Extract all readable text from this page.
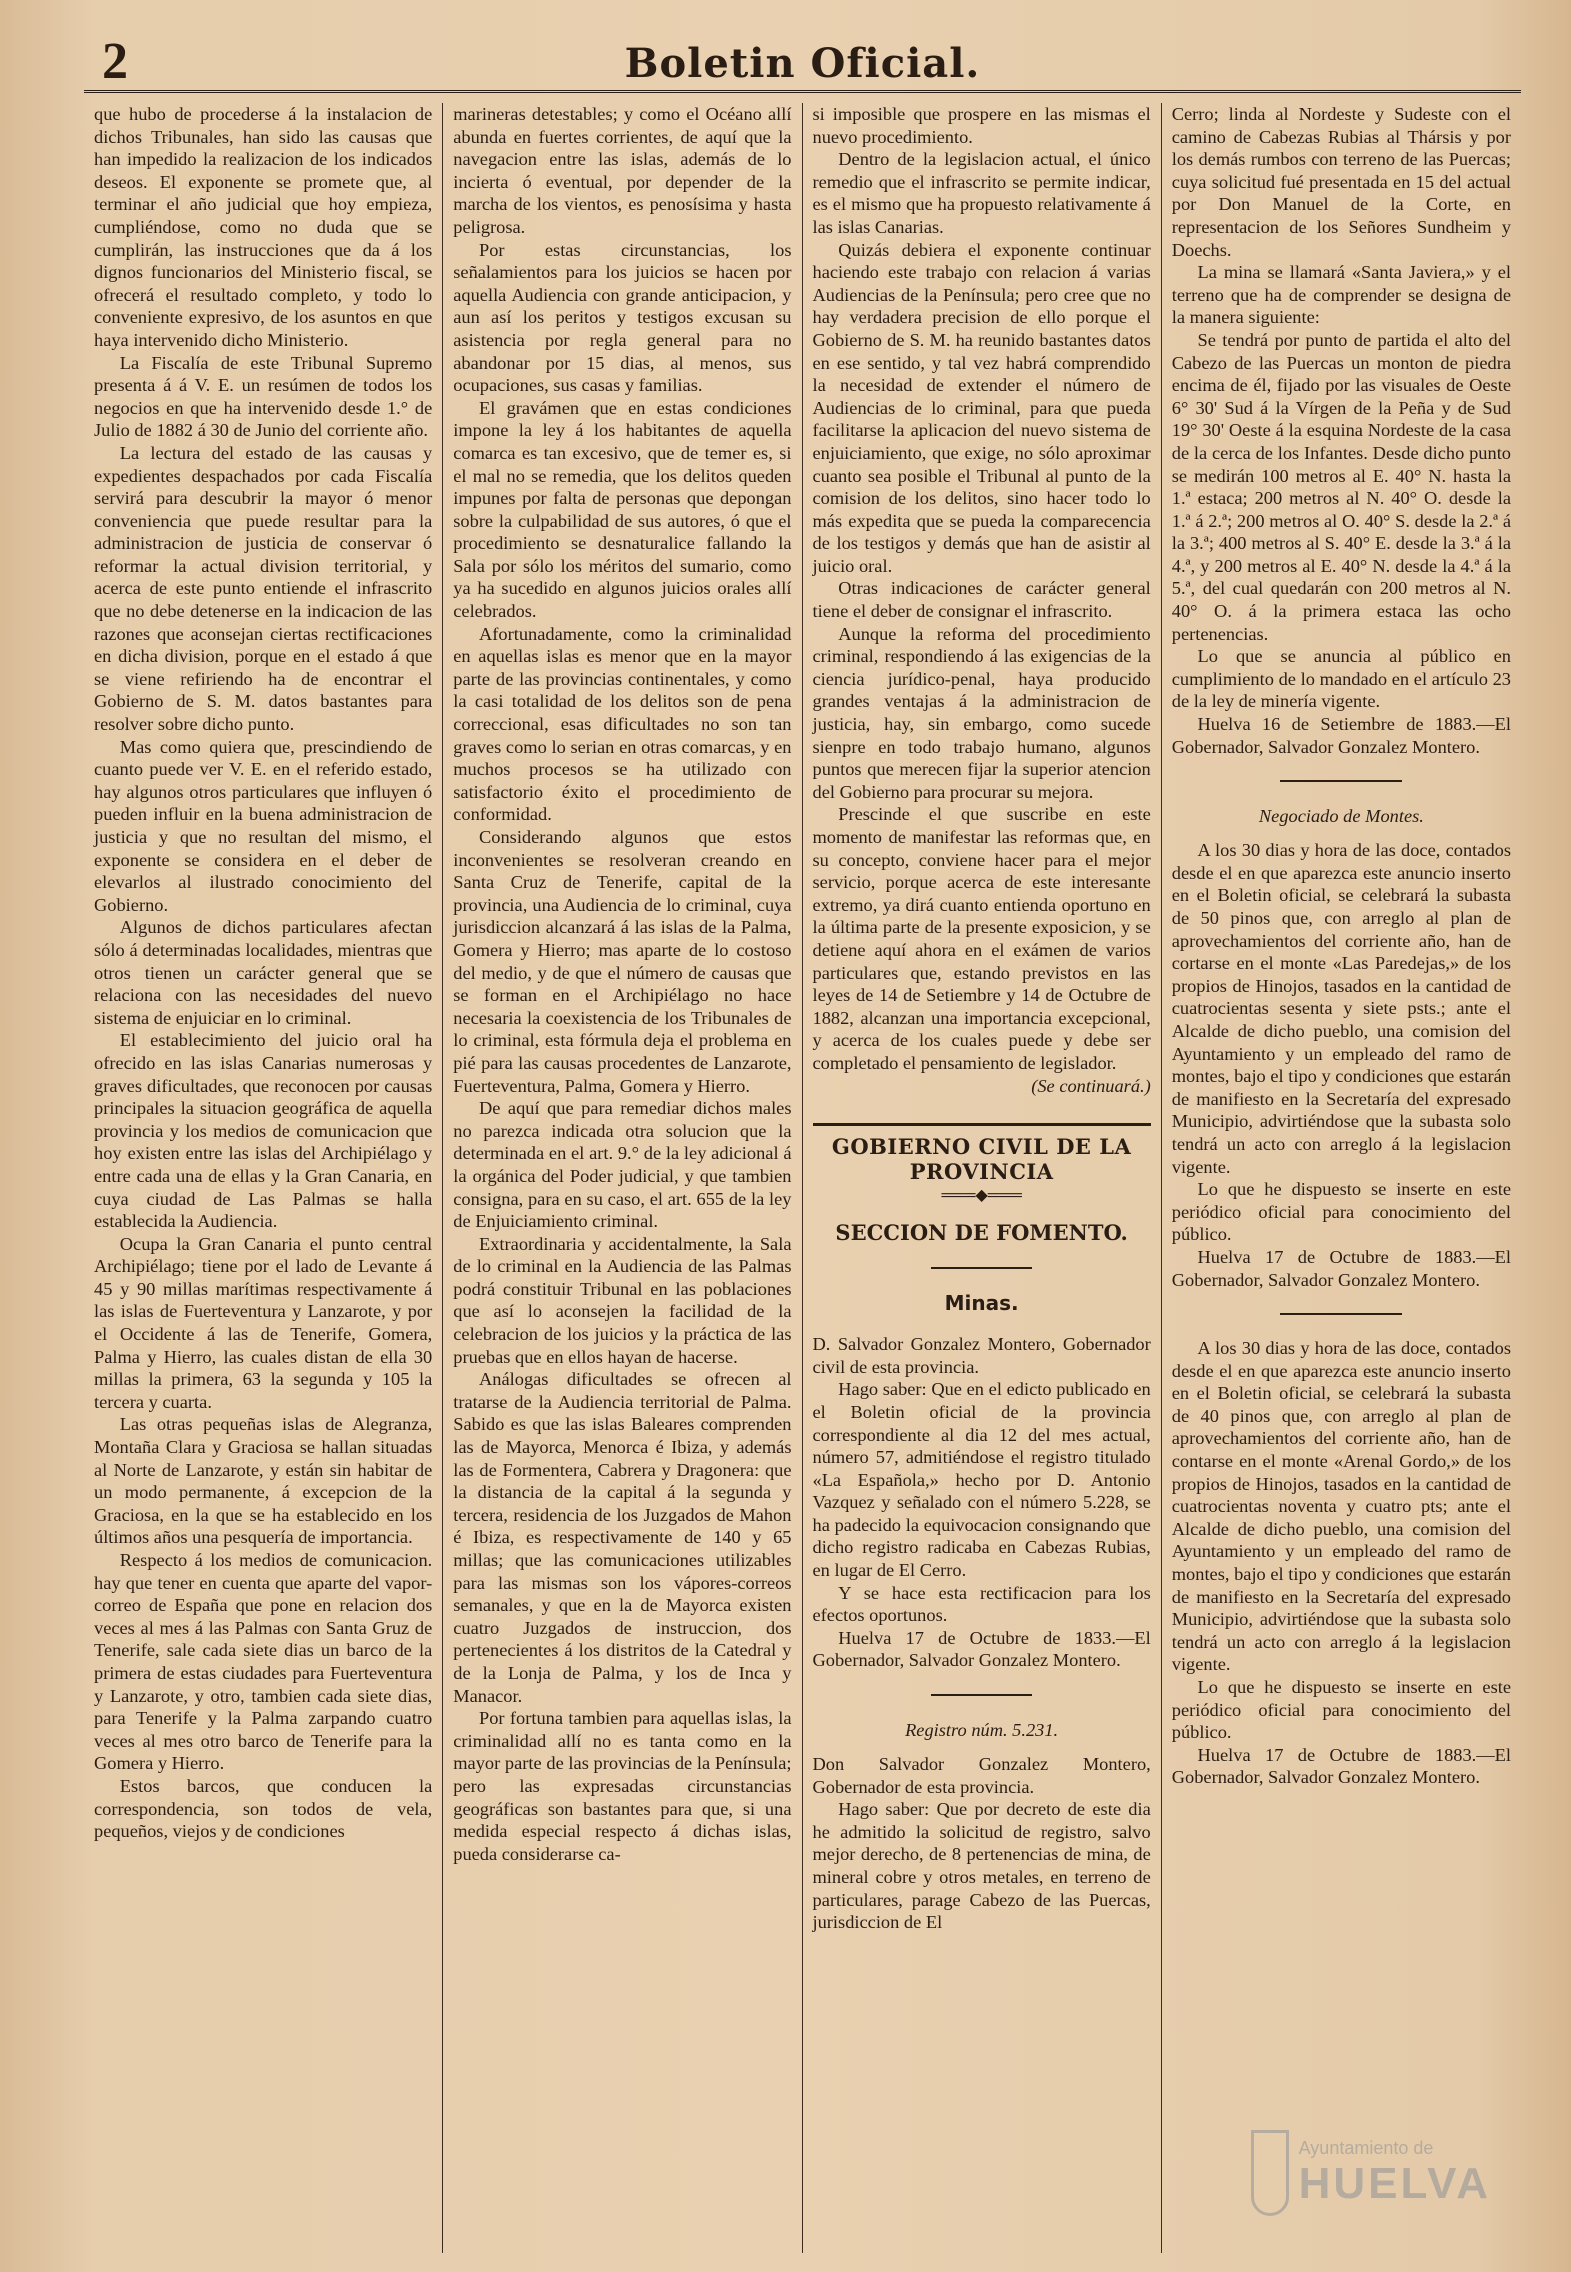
2	Boletin Oficial.

que hubo de procederse á la instalacion de dichos Tribunales, han sido las causas que han impedido la realizacion de los indicados deseos. El exponente se promete que, al terminar el año judicial que hoy empieza, cumpliéndose, como no duda que se cumplirán, las instrucciones que da á los dignos funcionarios del Ministerio fiscal, se ofrecerá el resultado completo, y todo lo conveniente expresivo, de los asuntos en que haya intervenido dicho Ministerio.

La Fiscalía de este Tribunal Supremo presenta á á V. E. un resúmen de todos los negocios en que ha intervenido desde 1.° de Julio de 1882 á 30 de Junio del corriente año.

La lectura del estado de las causas y expedientes despachados por cada Fiscalía servirá para descubrir la mayor ó menor conveniencia que puede resultar para la administracion de justicia de conservar ó reformar la actual division territorial, y acerca de este punto entiende el infrascrito que no debe detenerse en la indicacion de las razones que aconsejan ciertas rectificaciones en dicha division, porque en el estado á que se viene refiriendo ha de encontrar el Gobierno de S. M. datos bastantes para resolver sobre dicho punto.

Mas como quiera que, prescindiendo de cuanto puede ver V. E. en el referido estado, hay algunos otros particulares que influyen ó pueden influir en la buena administracion de justicia y que no resultan del mismo, el exponente se considera en el deber de elevarlos al ilustrado conocimiento del Gobierno.

Algunos de dichos particulares afectan sólo á determinadas localidades, mientras que otros tienen un carácter general que se relaciona con las necesidades del nuevo sistema de enjuiciar en lo criminal.

El establecimiento del juicio oral ha ofrecido en las islas Canarias numerosas y graves dificultades, que reconocen por causas principales la situacion geográfica de aquella provincia y los medios de comunicacion que hoy existen entre las islas del Archipiélago y entre cada una de ellas y la Gran Canaria, en cuya ciudad de Las Palmas se halla establecida la Audiencia.

Ocupa la Gran Canaria el punto central Archipiélago; tiene por el lado de Levante á 45 y 90 millas marítimas respectivamente á las islas de Fuerteventura y Lanzarote, y por el Occidente á las de Tenerife, Gomera, Palma y Hierro, las cuales distan de ella 30 millas la primera, 63 la segunda y 105 la tercera y cuarta.

Las otras pequeñas islas de Alegranza, Montaña Clara y Graciosa se hallan situadas al Norte de Lanzarote, y están sin habitar de un modo permanente, á excepcion de la Graciosa, en la que se ha establecido en los últimos años una pesquería de importancia.

Respecto á los medios de comunicacion. hay que tener en cuenta que aparte del vapor-correo de España que pone en relacion dos veces al mes á las Palmas con Santa Gruz de Tenerife, sale cada siete dias un barco de la primera de estas ciudades para Fuerteventura y Lanzarote, y otro, tambien cada siete dias, para Tenerife y la Palma zarpando cuatro veces al mes otro barco de Tenerife para la Gomera y Hierro.

Estos barcos, que conducen la correspondencia, son todos de vela, pequeños, viejos y de condiciones

marineras detestables; y como el Océano allí abunda en fuertes corrientes, de aquí que la navegacion entre las islas, además de lo incierta ó eventual, por depender de la marcha de los vientos, es penosísima y hasta peligrosa.

Por estas circunstancias, los señalamientos para los juicios se hacen por aquella Audiencia con grande anticipacion, y aun así los peritos y testigos excusan su asistencia por regla general para no abandonar por 15 dias, al menos, sus ocupaciones, sus casas y familias.

El gravámen que en estas condiciones impone la ley á los habitantes de aquella comarca es tan excesivo, que de temer es, si el mal no se remedia, que los delitos queden impunes por falta de personas que depongan sobre la culpabilidad de sus autores, ó que el procedimiento se desnaturalice fallando la Sala por sólo los méritos del sumario, como ya ha sucedido en algunos juicios orales allí celebrados.

Afortunadamente, como la criminalidad en aquellas islas es menor que en la mayor parte de las provincias continentales, y como la casi totalidad de los delitos son de pena correccional, esas dificultades no son tan graves como lo serian en otras comarcas, y en muchos procesos se ha utilizado con satisfactorio éxito el procedimiento de conformidad.

Considerando algunos que estos inconvenientes se resolveran creando en Santa Cruz de Tenerife, capital de la provincia, una Audiencia de lo criminal, cuya jurisdiccion alcanzará á las islas de la Palma, Gomera y Hierro; mas aparte de lo costoso del medio, y de que el número de causas que se forman en el Archipiélago no hace necesaria la coexistencia de los Tribunales de lo criminal, esta fórmula deja el problema en pié para las causas procedentes de Lanzarote, Fuerteventura, Palma, Gomera y Hierro.

De aquí que para remediar dichos males no parezca indicada otra solucion que la determinada en el art. 9.° de la ley adicional á la orgánica del Poder judicial, y que tambien consigna, para en su caso, el art. 655 de la ley de Enjuiciamiento criminal.

Extraordinaria y accidentalmente, la Sala de lo criminal en la Audiencia de las Palmas podrá constituir Tribunal en las poblaciones que así lo aconsejen la facilidad de la celebracion de los juicios y la práctica de las pruebas que en ellos hayan de hacerse.

Análogas dificultades se ofrecen al tratarse de la Audiencia territorial de Palma. Sabido es que las islas Baleares comprenden las de Mayorca, Menorca é Ibiza, y además las de Formentera, Cabrera y Dragonera: que la distancia de la capital á la segunda y tercera, residencia de los Juzgados de Mahon é Ibiza, es respectivamente de 140 y 65 millas; que las comunicaciones utilizables para las mismas son los vápores-correos semanales, y que en la de Mayorca existen cuatro Juzgados de instruccion, dos pertenecientes á los distritos de la Catedral y de la Lonja de Palma, y los de Inca y Manacor.

Por fortuna tambien para aquellas islas, la criminalidad allí no es tanta como en la mayor parte de las provincias de la Península; pero las expresadas circunstancias geográficas son bastantes para que, si una medida especial respecto á dichas islas, pueda considerarse ca-

si imposible que prospere en las mismas el nuevo procedimiento.

Dentro de la legislacion actual, el único remedio que el infrascrito se permite indicar, es el mismo que ha propuesto relativamente á las islas Canarias.

Quizás debiera el exponente continuar haciendo este trabajo con relacion á varias Audiencias de la Península; pero cree que no hay verdadera precision de ello porque el Gobierno de S. M. ha reunido bastantes datos en ese sentido, y tal vez habrá comprendido la necesidad de extender el número de Audiencias de lo criminal, para que pueda facilitarse la aplicacion del nuevo sistema de enjuiciamiento, que exige, no sólo aproximar cuanto sea posible el Tribunal al punto de la comision de los delitos, sino hacer todo lo más expedita que se pueda la comparecencia de los testigos y demás que han de asistir al juicio oral.

Otras indicaciones de carácter general tiene el deber de consignar el infrascrito.

Aunque la reforma del procedimiento criminal, respondiendo á las exigencias de la ciencia jurídico-penal, haya producido grandes ventajas á la administracion de justicia, hay, sin embargo, como sucede sienpre en todo trabajo humano, algunos puntos que merecen fijar la superior atencion del Gobierno para procurar su mejora.

Prescinde el que suscribe en este momento de manifestar las reformas que, en su concepto, conviene hacer para el mejor servicio, porque acerca de este interesante extremo, ya dirá cuanto entienda oportuno en la última parte de la presente exposicion, y se detiene aquí ahora en el exámen de varios particulares que, estando previstos en las leyes de 14 de Setiembre y 14 de Octubre de 1882, alcanzan una importancia excepcional, y acerca de los cuales puede y debe ser completado el pensamiento de legislador.

(Se continuará.)

GOBIERNO CIVIL DE LA PROVINCIA
═══◆═══
SECCION DE FOMENTO.
Minas.

D. Salvador Gonzalez Montero, Gobernador civil de esta provincia.

Hago saber: Que en el edicto publicado en el Boletin oficial de la provincia correspondiente al dia 12 del mes actual, número 57, admitiéndose el registro titulado «La Española,» hecho por D. Antonio Vazquez y señalado con el número 5.228, se ha padecido la equivocacion consignando que dicho registro radicaba en Cabezas Rubias, en lugar de El Cerro.

Y se hace esta rectificacion para los efectos oportunos.

Huelva 17 de Octubre de 1833.—El Gobernador, Salvador Gonzalez Montero.

Registro núm. 5.231.

Don Salvador Gonzalez Montero, Gobernador de esta provincia.

Hago saber: Que por decreto de este dia he admitido la solicitud de registro, salvo mejor derecho, de 8 pertenencias de mina, de mineral cobre y otros metales, en terreno de particulares, parage Cabezo de las Puercas, jurisdiccion de El

Cerro; linda al Nordeste y Sudeste con el camino de Cabezas Rubias al Thársis y por los demás rumbos con terreno de las Puercas; cuya solicitud fué presentada en 15 del actual por Don Manuel de la Corte, en representacion de los Señores Sundheim y Doechs.

La mina se llamará «Santa Javiera,» y el terreno que ha de comprender se designa de la manera siguiente:

Se tendrá por punto de partida el alto del Cabezo de las Puercas un monton de piedra encima de él, fijado por las visuales de Oeste 6° 30' Sud á la Vírgen de la Peña y de Sud 19° 30' Oeste á la esquina Nordeste de la casa de la cerca de los Infantes. Desde dicho punto se medirán 100 metros al E. 40° N. hasta la 1.ª estaca; 200 metros al N. 40° O. desde la 1.ª á 2.ª; 200 metros al O. 40° S. desde la 2.ª á la 3.ª; 400 metros al S. 40° E. desde la 3.ª á la 4.ª, y 200 metros al E. 40° N. desde la 4.ª á la 5.ª, del cual quedarán con 200 metros al N. 40° O. á la primera estaca las ocho pertenencias.

Lo que se anuncia al público en cumplimiento de lo mandado en el artículo 23 de la ley de minería vigente.

Huelva 16 de Setiembre de 1883.—El Gobernador, Salvador Gonzalez Montero.

Negociado de Montes.

A los 30 dias y hora de las doce, contados desde el en que aparezca este anuncio inserto en el Boletin oficial, se celebrará la subasta de 50 pinos que, con arreglo al plan de aprovechamientos del corriente año, han de cortarse en el monte «Las Paredejas,» de los propios de Hinojos, tasados en la cantidad de cuatrocientas sesenta y siete psts.; ante el Alcalde de dicho pueblo, una comision del Ayuntamiento y un empleado del ramo de montes, bajo el tipo y condiciones que estarán de manifiesto en la Secretaría del expresado Municipio, advirtiéndose que la subasta solo tendrá un acto con arreglo á la legislacion vigente.

Lo que he dispuesto se inserte en este periódico oficial para conocimiento del público.

Huelva 17 de Octubre de 1883.—El Gobernador, Salvador Gonzalez Montero.

A los 30 dias y hora de las doce, contados desde el en que aparezca este anuncio inserto en el Boletin oficial, se celebrará la subasta de 40 pinos que, con arreglo al plan de aprovechamientos del corriente año, han de contarse en el monte «Arenal Gordo,» de los propios de Hinojos, tasados en la cantidad de cuatrocientas noventa y cuatro pts; ante el Alcalde de dicho pueblo, una comision del Ayuntamiento y un empleado del ramo de montes, bajo el tipo y condiciones que estarán de manifiesto en la Secretaría del expresado Municipio, advirtiéndose que la subasta solo tendrá un acto con arreglo á la legislacion vigente.

Lo que he dispuesto se inserte en este periódico oficial para conocimiento del público.

Huelva 17 de Octubre de 1883.—El Gobernador, Salvador Gonzalez Montero.

Ayuntamiento de
HUELVA
